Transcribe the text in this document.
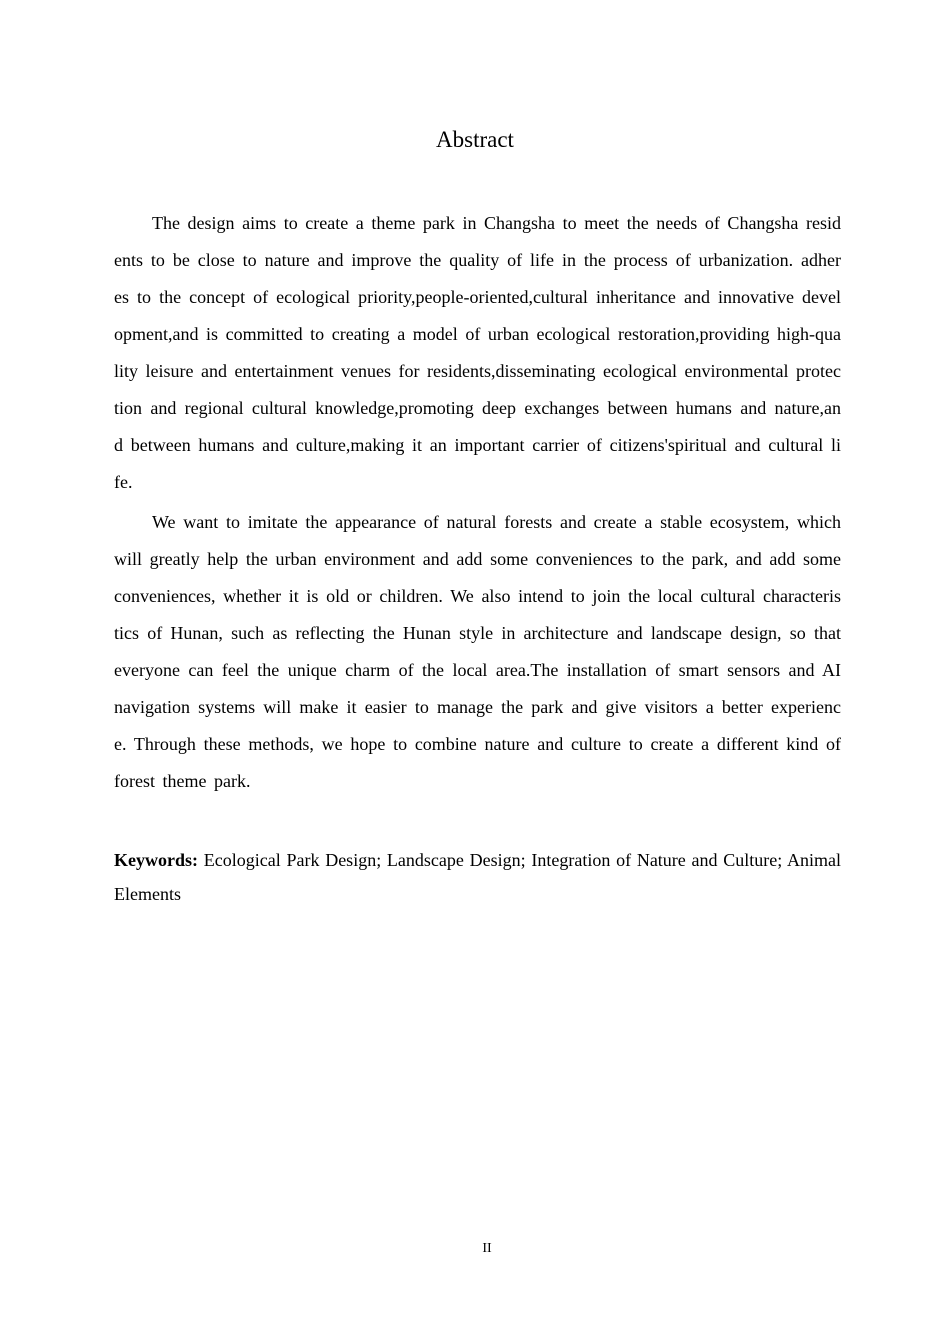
Abstract

The design aims to create a theme park in Changsha to meet the needs of Changsha residents to be close to nature and improve the quality of life in the process of urbanization. adheres to the concept of ecological priority,people-oriented,cultural inheritance and innovative development,and is committed to creating a model of urban ecological restoration,providing high-quality leisure and entertainment venues for residents,disseminating ecological environmental protection and regional cultural knowledge,promoting deep exchanges between humans and nature,and between humans and culture,making it an important carrier of citizens'spiritual and cultural life.

We want to imitate the appearance of natural forests and create a stable ecosystem, which will greatly help the urban environment and add some conveniences to the park, and add some conveniences, whether it is old or children. We also intend to join the local cultural characteristics of Hunan, such as reflecting the Hunan style in architecture and landscape design, so that everyone can feel the unique charm of the local area.The installation of smart sensors and AI navigation systems will make it easier to manage the park and give visitors a better experience. Through these methods, we hope to combine nature and culture to create a different kind of forest theme park.

Keywords: Ecological Park Design; Landscape Design; Integration of Nature and Culture; Animal Elements
II
